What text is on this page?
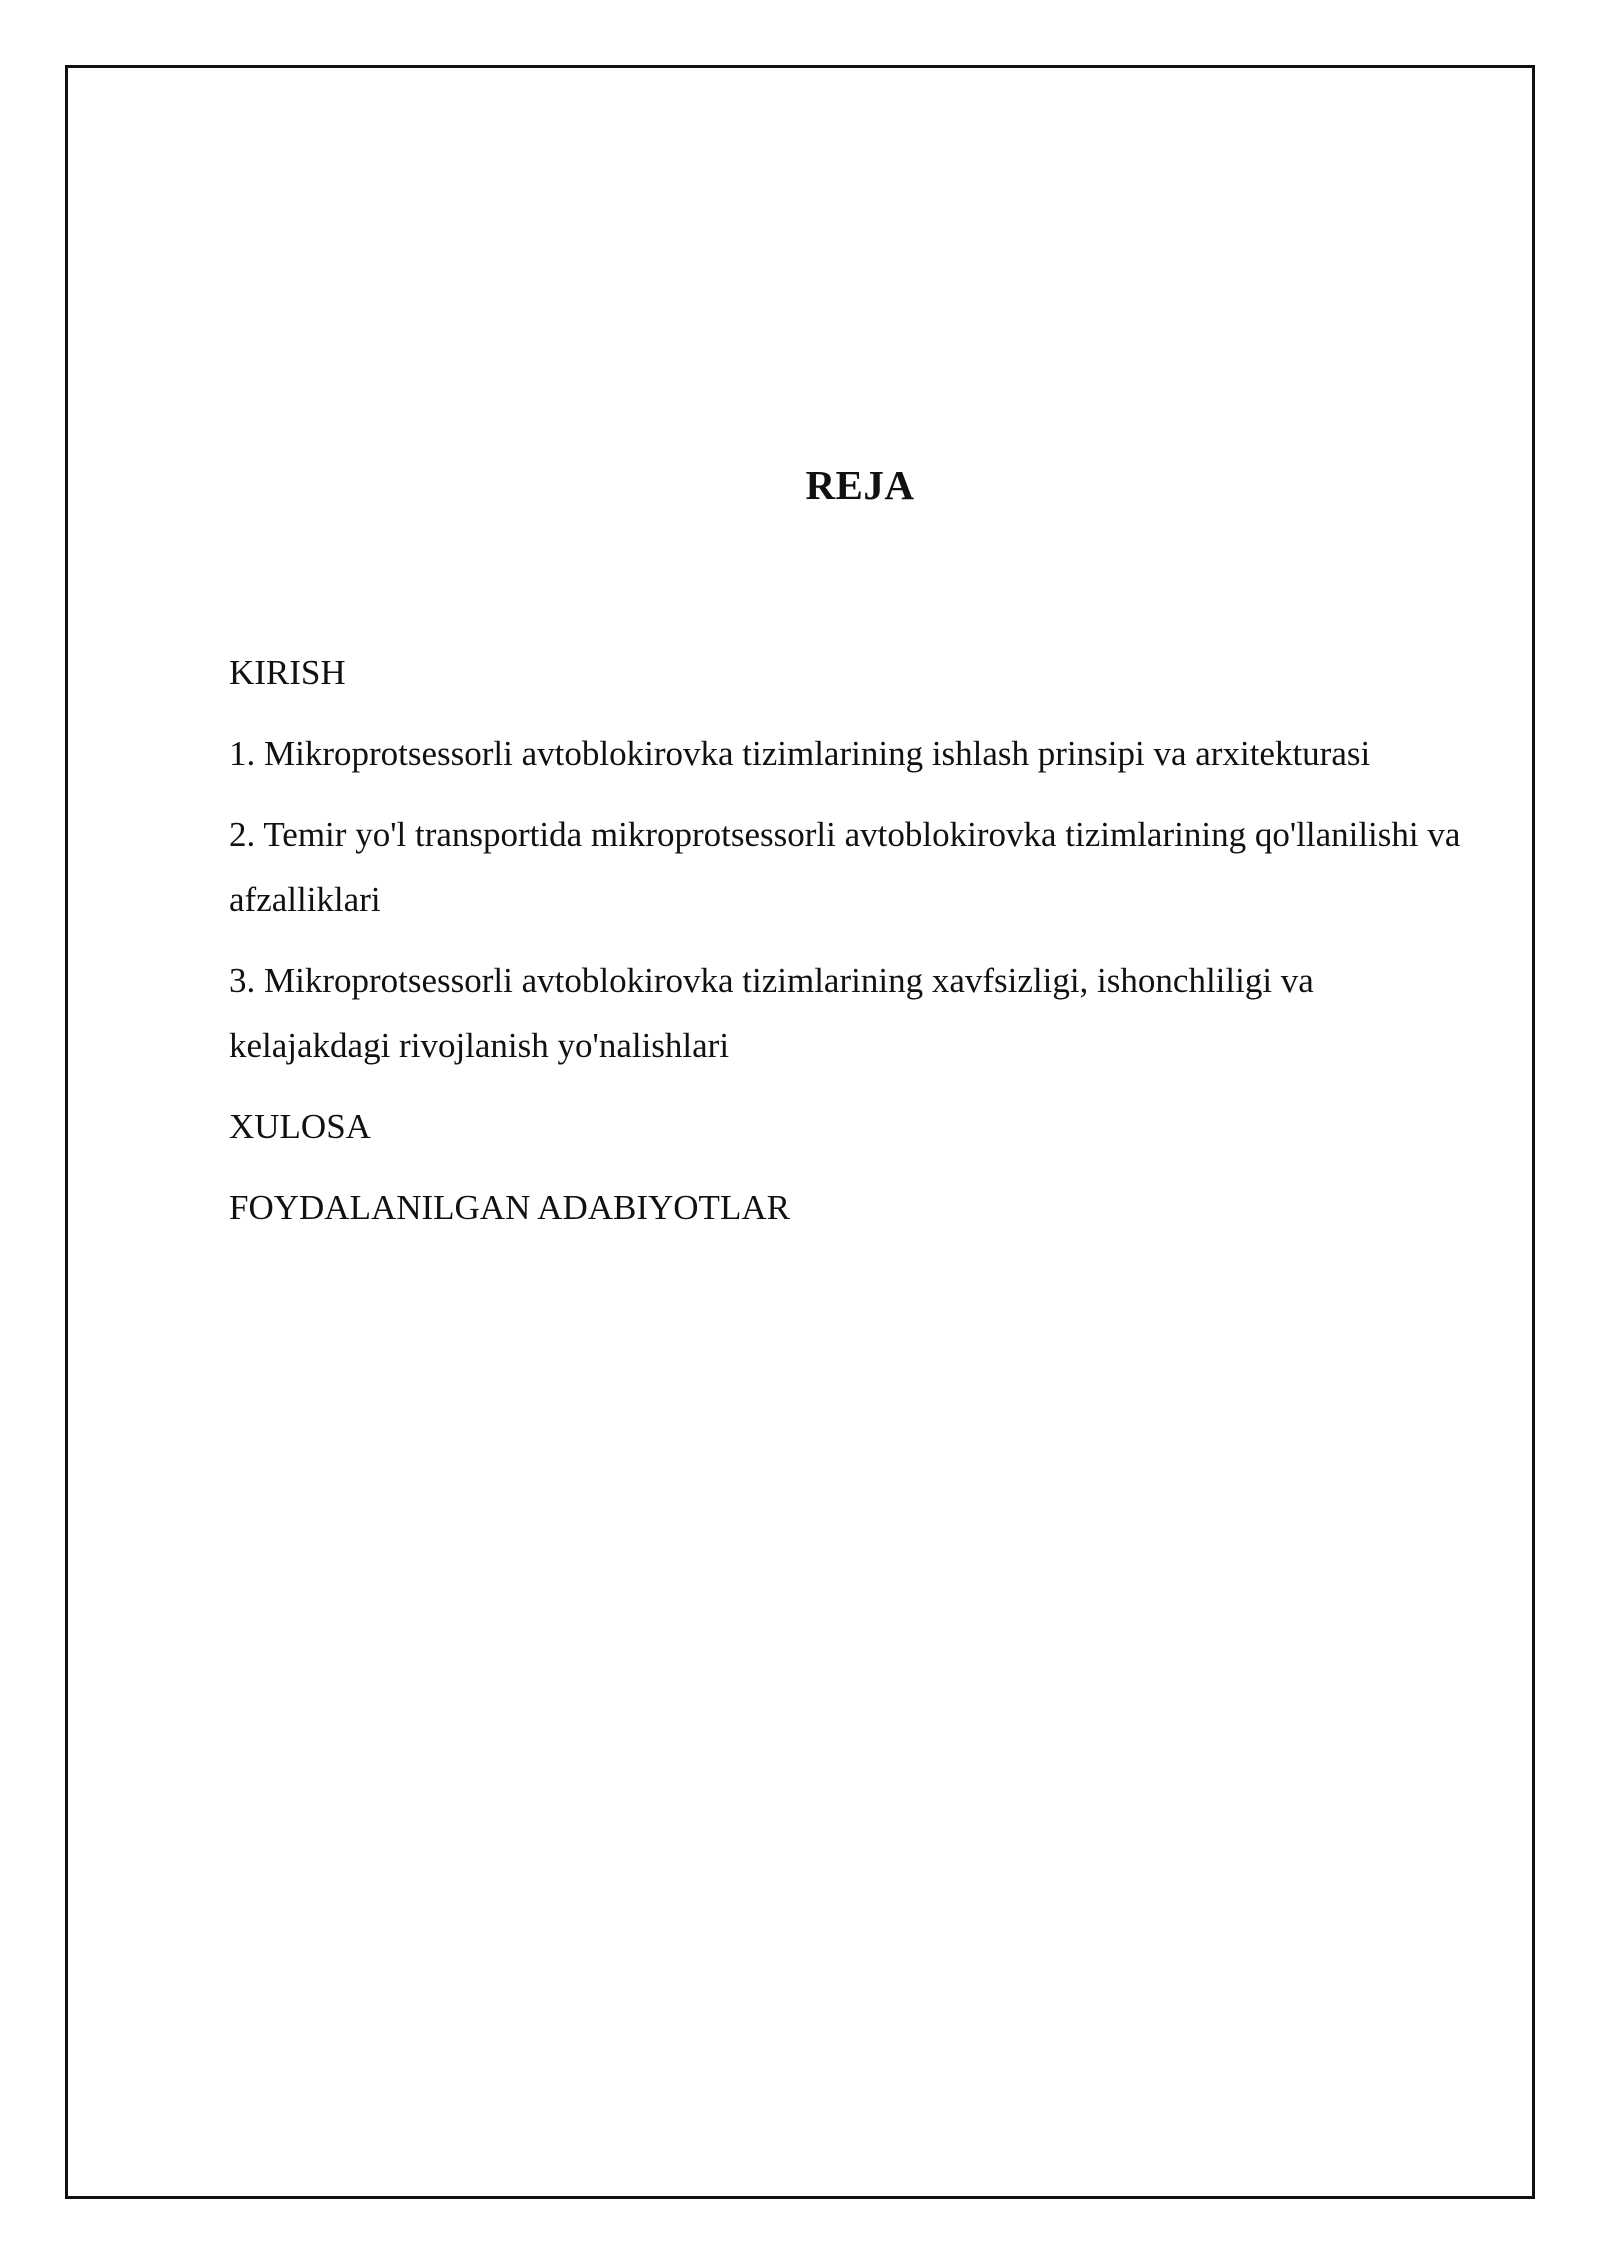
REJA
KIRISH
1. Mikroprotsessorli avtoblokirovka tizimlarining ishlash prinsipi va arxitekturasi
2. Temir yo'l transportida mikroprotsessorli avtoblokirovka tizimlarining qo'llanilishi va afzalliklari
3. Mikroprotsessorli avtoblokirovka tizimlarining xavfsizligi, ishonchliligi va kelajakdagi rivojlanish yo'nalishlari
XULOSA
FOYDALANILGAN ADABIYOTLAR
